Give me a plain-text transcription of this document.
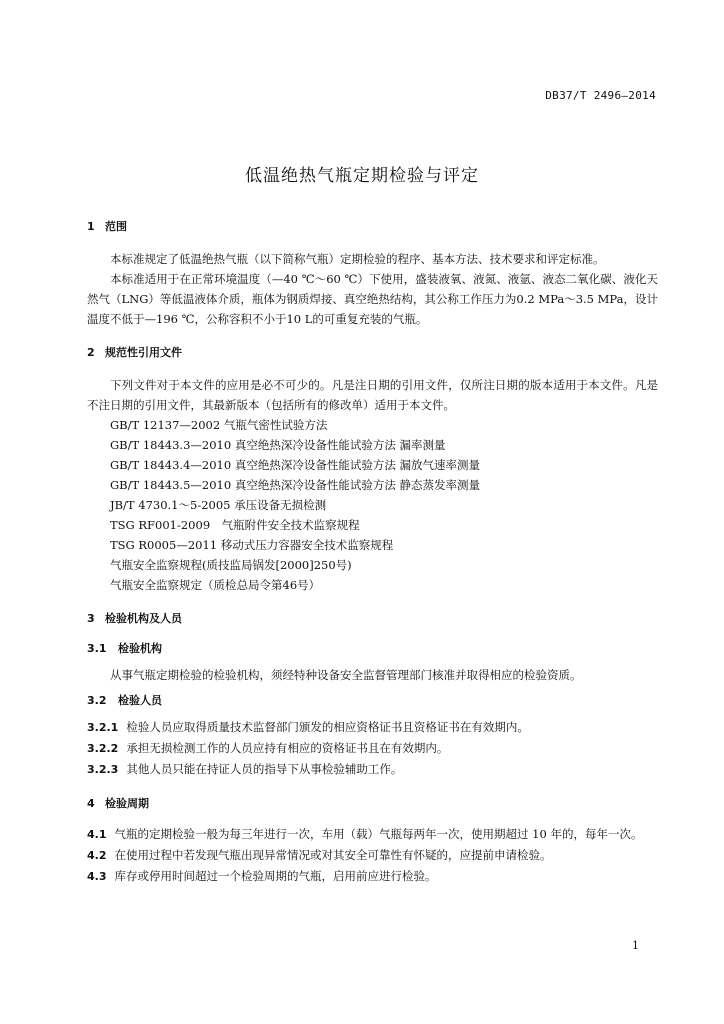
DB37/T 2496—2014
低温绝热气瓶定期检验与评定
1 范围

本标准规定了低温绝热气瓶（以下简称气瓶）定期检验的程序、基本方法、技术要求和评定标准。

本标准适用于在正常环境温度（—40 ℃～60 ℃）下使用，盛装液氧、液氮、液氩、液态二氧化碳、液化天然气（LNG）等低温液体介质，瓶体为钢质焊接、真空绝热结构，其公称工作压力为0.2 MPa～3.5 MPa，设计温度不低于—196 ℃，公称容积不小于10 L的可重复充装的气瓶。

2 规范性引用文件

下列文件对于本文件的应用是必不可少的。凡是注日期的引用文件，仅所注日期的版本适用于本文件。凡是不注日期的引用文件，其最新版本（包括所有的修改单）适用于本文件。

GB/T 12137—2002 气瓶气密性试验方法

GB/T 18443.3—2010 真空绝热深冷设备性能试验方法 漏率测量

GB/T 18443.4—2010 真空绝热深冷设备性能试验方法 漏放气速率测量

GB/T 18443.5—2010 真空绝热深冷设备性能试验方法 静态蒸发率测量

JB/T 4730.1～5-2005 承压设备无损检测

TSG RF001-2009　气瓶附件安全技术监察规程

TSG R0005—2011 移动式压力容器安全技术监察规程

气瓶安全监察规程(质技监局锅发[2000]250号)

气瓶安全监察规定（质检总局令第46号）

3 检验机构及人员
3.1 检验机构

从事气瓶定期检验的检验机构，须经特种设备安全监督管理部门核准并取得相应的检验资质。

3.2 检验人员

3.2.1 检验人员应取得质量技术监督部门颁发的相应资格证书且资格证书在有效期内。

3.2.2 承担无损检测工作的人员应持有相应的资格证书且在有效期内。

3.2.3 其他人员只能在持证人员的指导下从事检验辅助工作。

4 检验周期

4.1 气瓶的定期检验一般为每三年进行一次，车用（载）气瓶每两年一次，使用期超过 10 年的，每年一次。

4.2 在使用过程中若发现气瓶出现异常情况或对其安全可靠性有怀疑的，应提前申请检验。

4.3 库存或停用时间超过一个检验周期的气瓶，启用前应进行检验。

1
